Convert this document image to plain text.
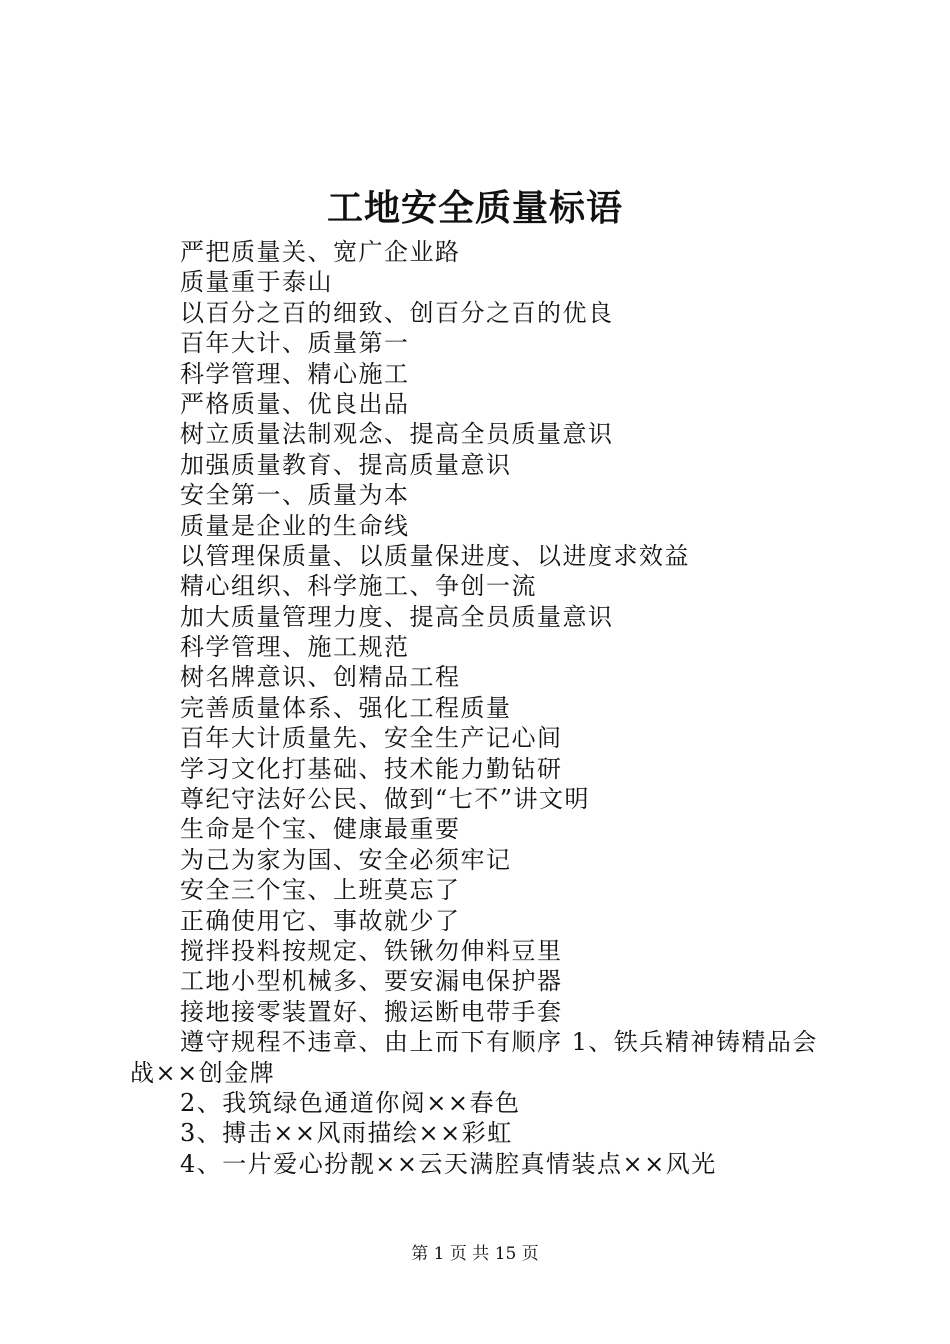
工地安全质量标语
严把质量关、宽广企业路
质量重于泰山
以百分之百的细致、创百分之百的优良
百年大计、质量第一
科学管理、精心施工
严格质量、优良出品
树立质量法制观念、提高全员质量意识
加强质量教育、提高质量意识
安全第一、质量为本
质量是企业的生命线
以管理保质量、以质量保进度、以进度求效益
精心组织、科学施工、争创一流
加大质量管理力度、提高全员质量意识
科学管理、施工规范
树名牌意识、创精品工程
完善质量体系、强化工程质量
百年大计质量先、安全生产记心间
学习文化打基础、技术能力勤钻研
尊纪守法好公民、做到“七不”讲文明
生命是个宝、健康最重要
为己为家为国、安全必须牢记
安全三个宝、上班莫忘了
正确使用它、事故就少了
搅拌投料按规定、铁锹勿伸料豆里
工地小型机械多、要安漏电保护器
接地接零装置好、搬运断电带手套
遵守规程不违章、由上而下有顺序 1、铁兵精神铸精品会战××创金牌
2、我筑绿色通道你阅××春色
3、搏击××风雨描绘××彩虹
4、一片爱心扮靓××云天满腔真情装点××风光
第 1 页 共 15 页
